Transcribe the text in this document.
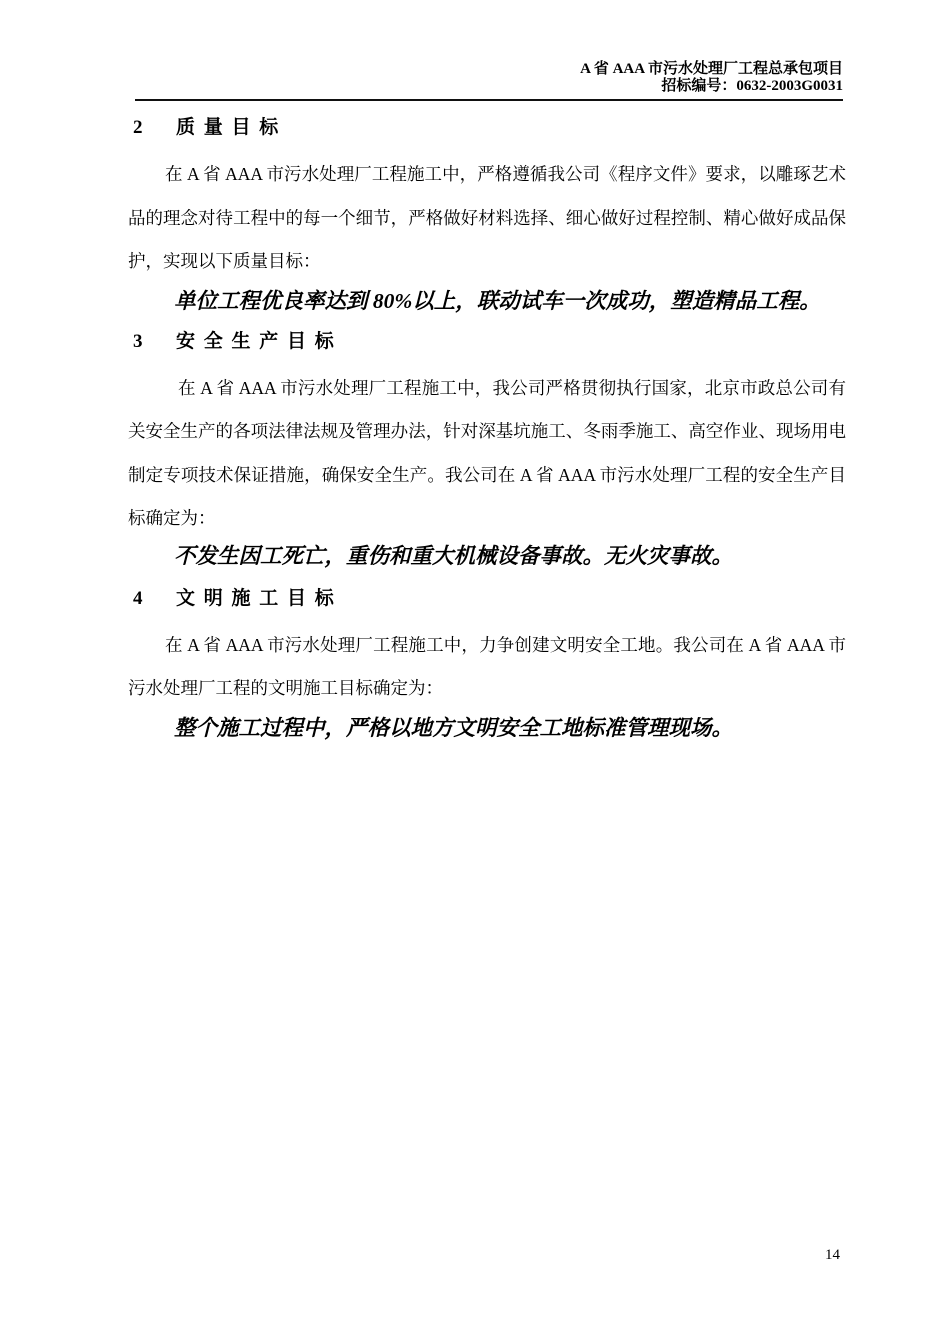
A 省 AAA 市污水处理厂工程总承包项目
招标编号：0632-2003G0031
2	质 量 目 标

在 A 省 AAA 市污水处理厂工程施工中，严格遵循我公司《程序文件》要求，以雕琢艺术品的理念对待工程中的每一个细节，严格做好材料选择、细心做好过程控制、精心做好成品保护，实现以下质量目标：

单位工程优良率达到 80%以上，联动试车一次成功，塑造精品工程。

3	安 全 生 产 目 标

在 A 省 AAA 市污水处理厂工程施工中，我公司严格贯彻执行国家，北京市政总公司有关安全生产的各项法律法规及管理办法，针对深基坑施工、冬雨季施工、高空作业、现场用电制定专项技术保证措施，确保安全生产。我公司在 A 省 AAA 市污水处理厂工程的安全生产目标确定为：

不发生因工死亡，重伤和重大机械设备事故。无火灾事故。

4	文 明 施 工 目 标

在 A 省 AAA 市污水处理厂工程施工中，力争创建文明安全工地。我公司在 A 省 AAA 市污水处理厂工程的文明施工目标确定为：

整个施工过程中，严格以地方文明安全工地标准管理现场。

14
